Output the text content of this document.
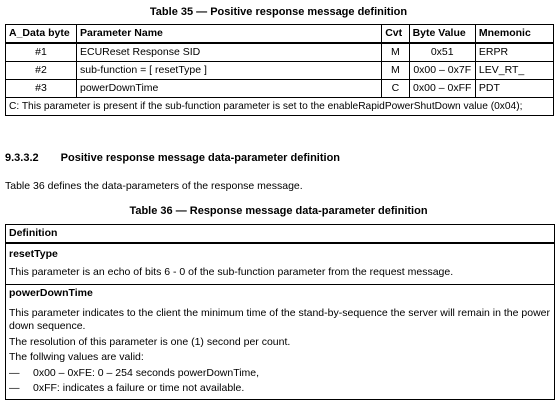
Table 35 — Positive response message definition
A_Data byte	Parameter Name	Cvt	Byte Value	Mnemonic
#1	ECUReset Response SID	M	0x51	ERPR
#2	sub-function = [ resetType ]	M	0x00 – 0x7F	LEV_RT_
#3	powerDownTime	C	0x00 – 0xFF	PDT
C: This parameter is present if the sub-function parameter is set to the enableRapidPowerShutDown value (0x04);				
9.3.3.2 Positive response message data-parameter definition
Table 36 defines the data-parameters of the response message.
Table 36 — Response message data-parameter definition
Definition
resetType
This parameter is an echo of bits 6 - 0 of the sub-function parameter from the request message.
powerDownTime
This parameter indicates to the client the minimum time of the stand-by-sequence the server will remain in the power
down sequence.
The resolution of this parameter is one (1) second per count.
The follwing values are valid:
— 0x00 – 0xFE: 0 – 254 seconds powerDownTime,
— 0xFF: indicates a failure or time not available.
